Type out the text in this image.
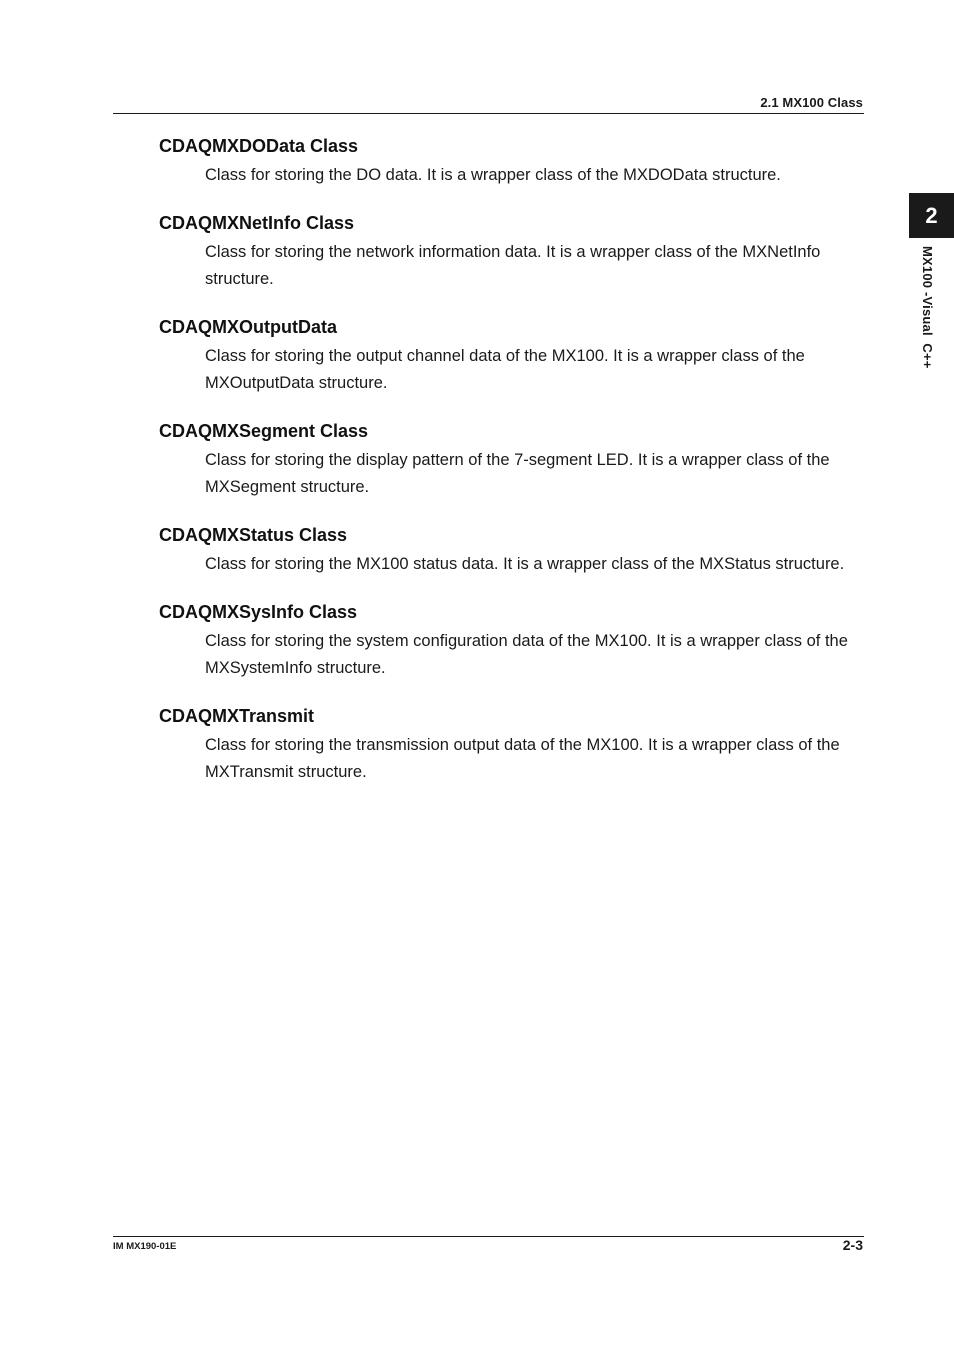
2.1 MX100 Class
2
MX100 -Visual  C++
CDAQMXDOData Class

Class for storing the DO data. It is a wrapper class of the MXDOData structure.

CDAQMXNetInfo Class

Class for storing the network information data. It is a wrapper class of the MXNetInfo structure.

CDAQMXOutputData

Class for storing the output channel data of the MX100. It is a wrapper class of the MXOutputData structure.

CDAQMXSegment Class

Class for storing the display pattern of the 7-segment LED. It is a wrapper class of the MXSegment structure.

CDAQMXStatus Class

Class for storing the MX100 status data. It is a wrapper class of the MXStatus structure.

CDAQMXSysInfo Class

Class for storing the system configuration data of the MX100. It is a wrapper class of the MXSystemInfo structure.

CDAQMXTransmit

Class for storing the transmission output data of the MX100. It is a wrapper class of the MXTransmit structure.

IM MX190-01E	2-3
